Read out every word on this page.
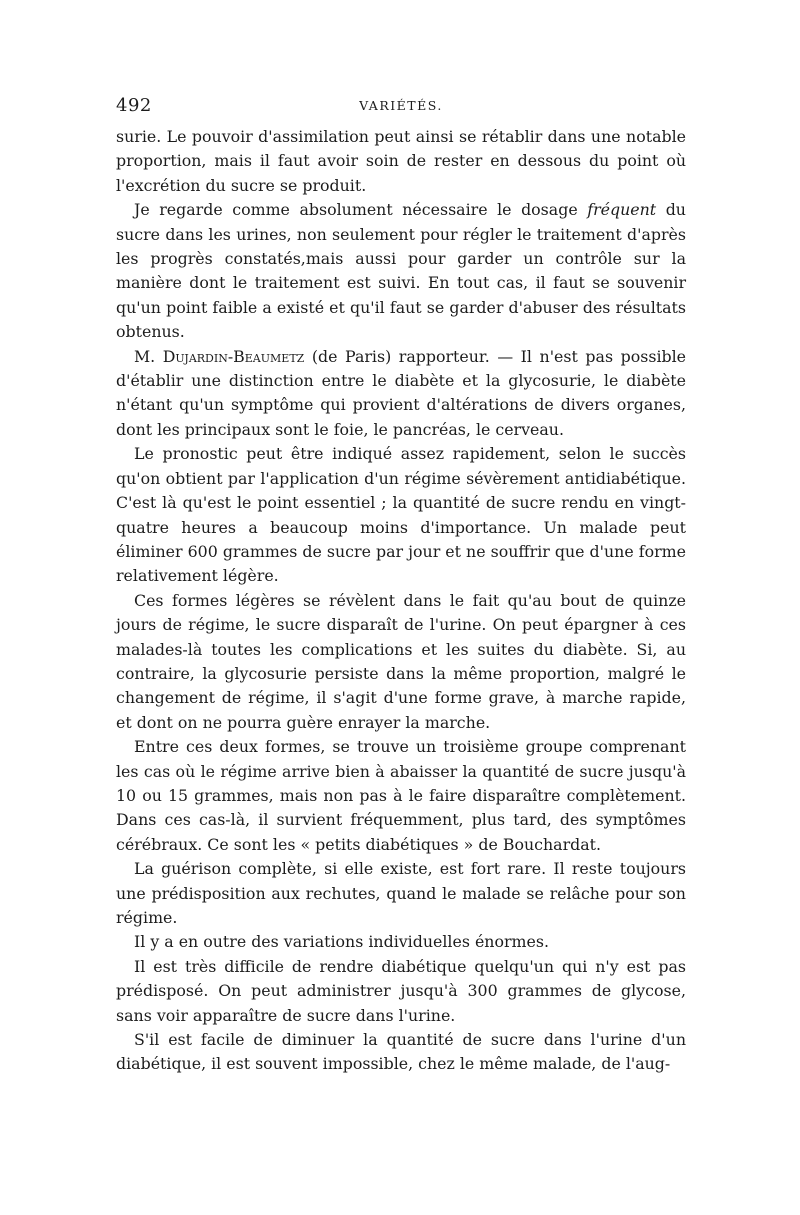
492	VARIÉTÉS.

surie. Le pouvoir d'assimilation peut ainsi se rétablir dans une notable proportion, mais il faut avoir soin de rester en dessous du point où l'excrétion du sucre se produit.

Je regarde comme absolument nécessaire le dosage fréquent du sucre dans les urines, non seulement pour régler le traitement d'après les progrès constatés,mais aussi pour garder un contrôle sur la manière dont le traitement est suivi. En tout cas, il faut se souvenir qu'un point faible a existé et qu'il faut se garder d'abuser des résultats obtenus.

M. Dujardin-Beaumetz (de Paris) rapporteur. — Il n'est pas possible d'établir une distinction entre le diabète et la glycosurie, le diabète n'étant qu'un symptôme qui provient d'altérations de divers organes, dont les principaux sont le foie, le pancréas, le cerveau.

Le pronostic peut être indiqué assez rapidement, selon le succès qu'on obtient par l'application d'un régime sévèrement antidiabétique. C'est là qu'est le point essentiel ; la quantité de sucre rendu en vingt-quatre heures a beaucoup moins d'importance. Un malade peut éliminer 600 grammes de sucre par jour et ne souffrir que d'une forme relativement légère.

Ces formes légères se révèlent dans le fait qu'au bout de quinze jours de régime, le sucre disparaît de l'urine. On peut épargner à ces malades-là toutes les complications et les suites du diabète. Si, au contraire, la glycosurie persiste dans la même proportion, malgré le changement de régime, il s'agit d'une forme grave, à marche rapide, et dont on ne pourra guère enrayer la marche.

Entre ces deux formes, se trouve un troisième groupe comprenant les cas où le régime arrive bien à abaisser la quantité de sucre jusqu'à 10 ou 15 grammes, mais non pas à le faire disparaître complètement. Dans ces cas-là, il survient fréquemment, plus tard, des symptômes cérébraux. Ce sont les « petits diabétiques » de Bouchardat.

La guérison complète, si elle existe, est fort rare. Il reste toujours une prédisposition aux rechutes, quand le malade se relâche pour son régime.

Il y a en outre des variations individuelles énormes.

Il est très difficile de rendre diabétique quelqu'un qui n'y est pas prédisposé. On peut administrer jusqu'à 300 grammes de glycose, sans voir apparaître de sucre dans l'urine.

S'il est facile de diminuer la quantité de sucre dans l'urine d'un diabétique, il est souvent impossible, chez le même malade, de l'aug-
